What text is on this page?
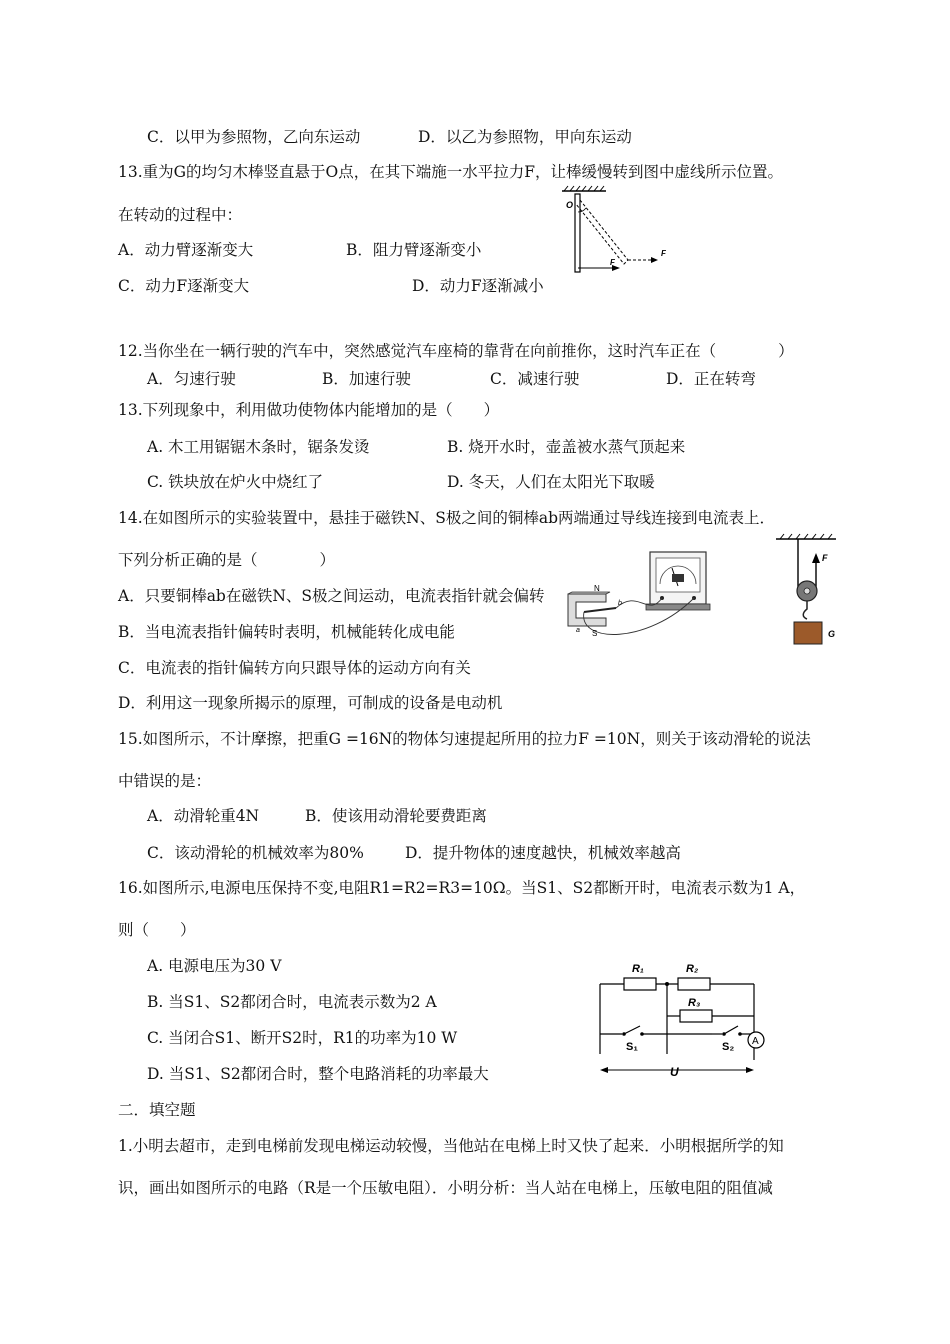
C．以甲为参照物，乙向东运动	D．以乙为参照物，甲向东运动
13.重为G的均匀木棒竖直悬于O点，在其下端施一水平拉力F，让棒缓慢转到图中虚线所示位置。
在转动的过程中：
A．动力臂逐渐变大	B．阻力臂逐渐变小
C．动力F逐渐变大	D．动力F逐渐减小
12.当你坐在一辆行驶的汽车中，突然感觉汽车座椅的靠背在向前推你，这时汽车正在（　　　　）
A．匀速行驶	B．加速行驶	C．减速行驶	D．正在转弯
13.下列现象中，利用做功使物体内能增加的是（　　）
A. 木工用锯锯木条时，锯条发烫	B. 烧开水时，壶盖被水蒸气顶起来
C. 铁块放在炉火中烧红了	D. 冬天，人们在太阳光下取暖
14.在如图所示的实验装置中，悬挂于磁铁N、S极之间的铜棒ab两端通过导线连接到电流表上．
下列分析正确的是（　　　　）
A．只要铜棒ab在磁铁N、S极之间运动，电流表指针就会偏转
B．当电流表指针偏转时表明，机械能转化成电能
C．电流表的指针偏转方向只跟导体的运动方向有关
D．利用这一现象所揭示的原理，可制成的设备是电动机
15.如图所示，不计摩擦，把重G =16N的物体匀速提起所用的拉力F =10N，则关于该动滑轮的说法
中错误的是：
A．动滑轮重4N	B．使该用动滑轮要费距离
C．该动滑轮的机械效率为80%	D．提升物体的速度越快，机械效率越高
16.如图所示,电源电压保持不变,电阻R1=R2=R3=10Ω。当S1、S2都断开时，电流表示数为1 A，
则（　　）
A. 电源电压为30 V
B. 当S1、S2都闭合时，电流表示数为2 A
C. 当闭合S1、断开S2时，R1的功率为10 W
D. 当S1、S2都闭合时，整个电路消耗的功率最大
二．填空题
1.小明去超市，走到电梯前发现电梯运动较慢，当他站在电梯上时又快了起来．小明根据所学的知
识，画出如图所示的电路（R是一个压敏电阻）．小明分析：当人站在电梯上，压敏电阻的阻值减
O
F
F
N
S
a
b
F
G
R₁	R₂
R₃
S₁	S₂ A
U
